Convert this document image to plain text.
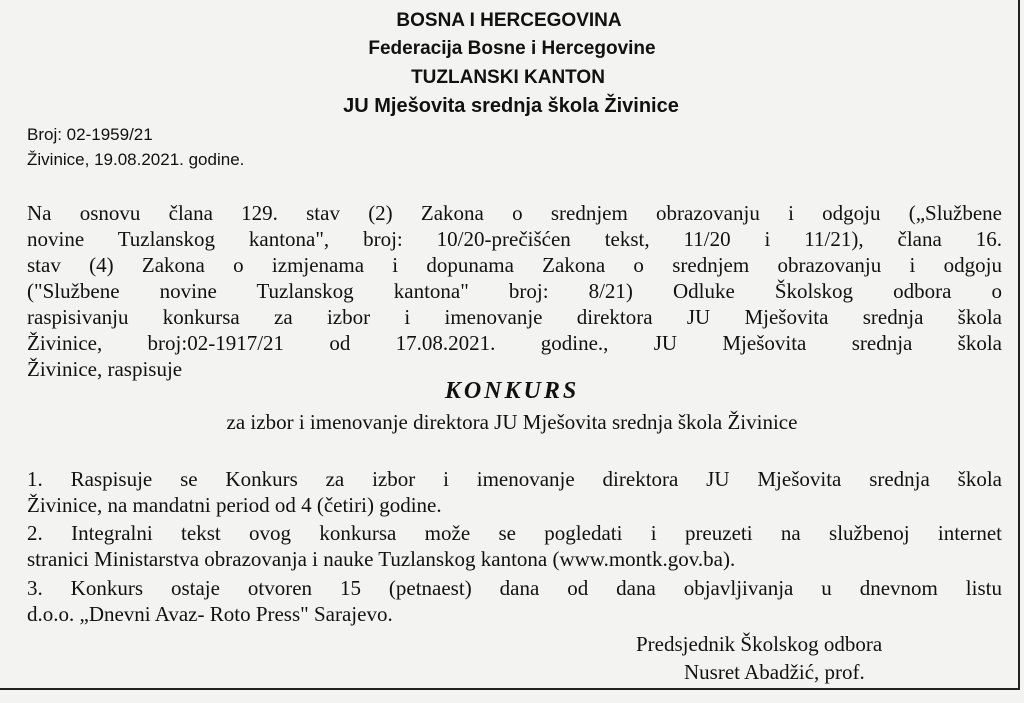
BOSNA I HERCEGOVINA
Federacija Bosne i Hercegovine
TUZLANSKI KANTON
JU Mješovita srednja škola Živinice
Broj: 02-1959/21
Živinice, 19.08.2021. godine.
Na osnovu člana 129. stav (2) Zakona o srednjem obrazovanju i odgoju („Službene
novine Tuzlanskog kantona", broj: 10/20-prečišćen tekst, 11/20 i 11/21), člana 16.
stav (4) Zakona o izmjenama i dopunama Zakona o srednjem obrazovanju i odgoju
("Službene novine Tuzlanskog kantona" broj: 8/21) Odluke Školskog odbora o
raspisivanju konkursa za izbor i imenovanje direktora JU Mješovita srednja škola
Živinice, broj:02-1917/21 od 17.08.2021. godine., JU Mješovita srednja škola
Živinice, raspisuje
KONKURS
za izbor i imenovanje direktora JU Mješovita srednja škola Živinice
1. Raspisuje se Konkurs za izbor i imenovanje direktora JU Mješovita srednja škola
Živinice, na mandatni period od 4 (četiri) godine.
2. Integralni tekst ovog konkursa može se pogledati i preuzeti na službenoj internet
stranici Ministarstva obrazovanja i nauke Tuzlanskog kantona (www.montk.gov.ba).
3. Konkurs ostaje otvoren 15 (petnaest) dana od dana objavljivanja u dnevnom listu
d.o.o. „Dnevni Avaz- Roto Press" Sarajevo.
Predsjednik Školskog odbora
Nusret Abadžić, prof.
